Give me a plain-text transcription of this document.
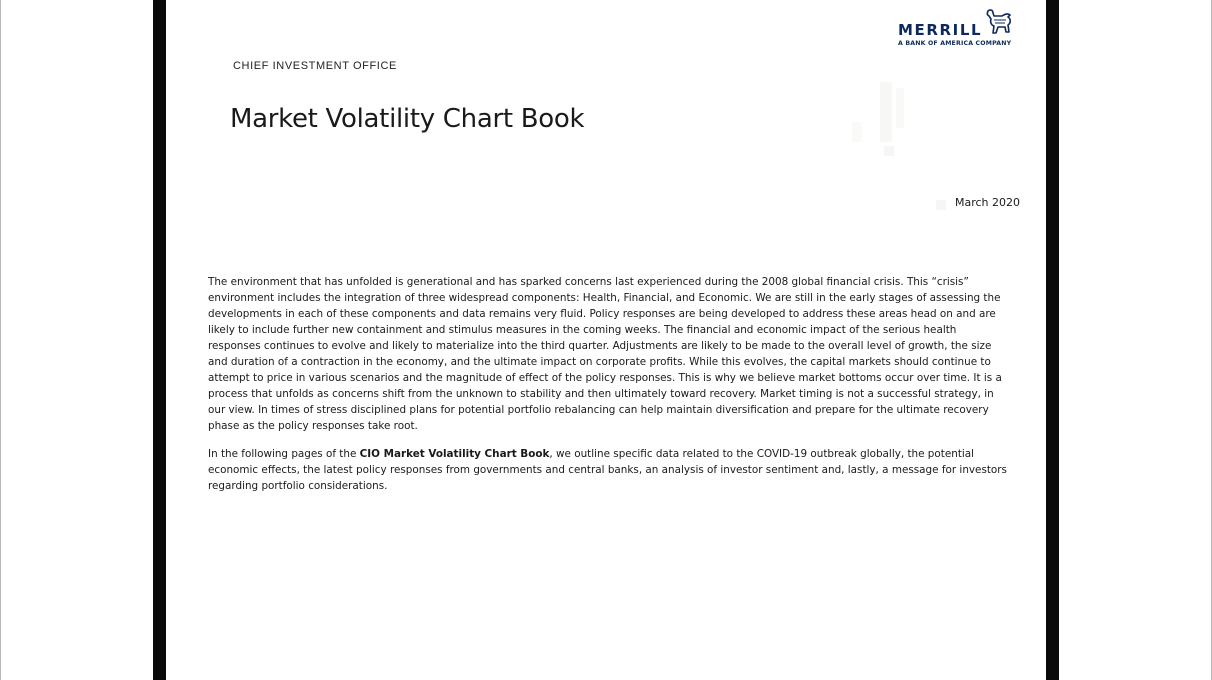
MERRILL
A BANK OF AMERICA COMPANY
CHIEF INVESTMENT OFFICE
Market Volatility Chart Book
March 2020

The environment that has unfolded is generational and has sparked concerns last experienced during the 2008 global financial crisis. This “crisis” environment includes the integration of three widespread components: Health, Financial, and Economic. We are still in the early stages of assessing the developments in each of these components and data remains very fluid. Policy responses are being developed to address these areas head on and are likely to include further new containment and stimulus measures in the coming weeks. The financial and economic impact of the serious health responses continues to evolve and likely to materialize into the third quarter. Adjustments are likely to be made to the overall level of growth, the size and duration of a contraction in the economy, and the ultimate impact on corporate profits. While this evolves, the capital markets should continue to attempt to price in various scenarios and the magnitude of effect of the policy responses. This is why we believe market bottoms occur over time. It is a process that unfolds as concerns shift from the unknown to stability and then ultimately toward recovery. Market timing is not a successful strategy, in our view. In times of stress disciplined plans for potential portfolio rebalancing can help maintain diversification and prepare for the ultimate recovery phase as the policy responses take root.

In the following pages of the CIO Market Volatility Chart Book, we outline specific data related to the COVID-19 outbreak globally, the potential economic effects, the latest policy responses from governments and central banks, an analysis of investor sentiment and, lastly, a message for investors regarding portfolio considerations.
